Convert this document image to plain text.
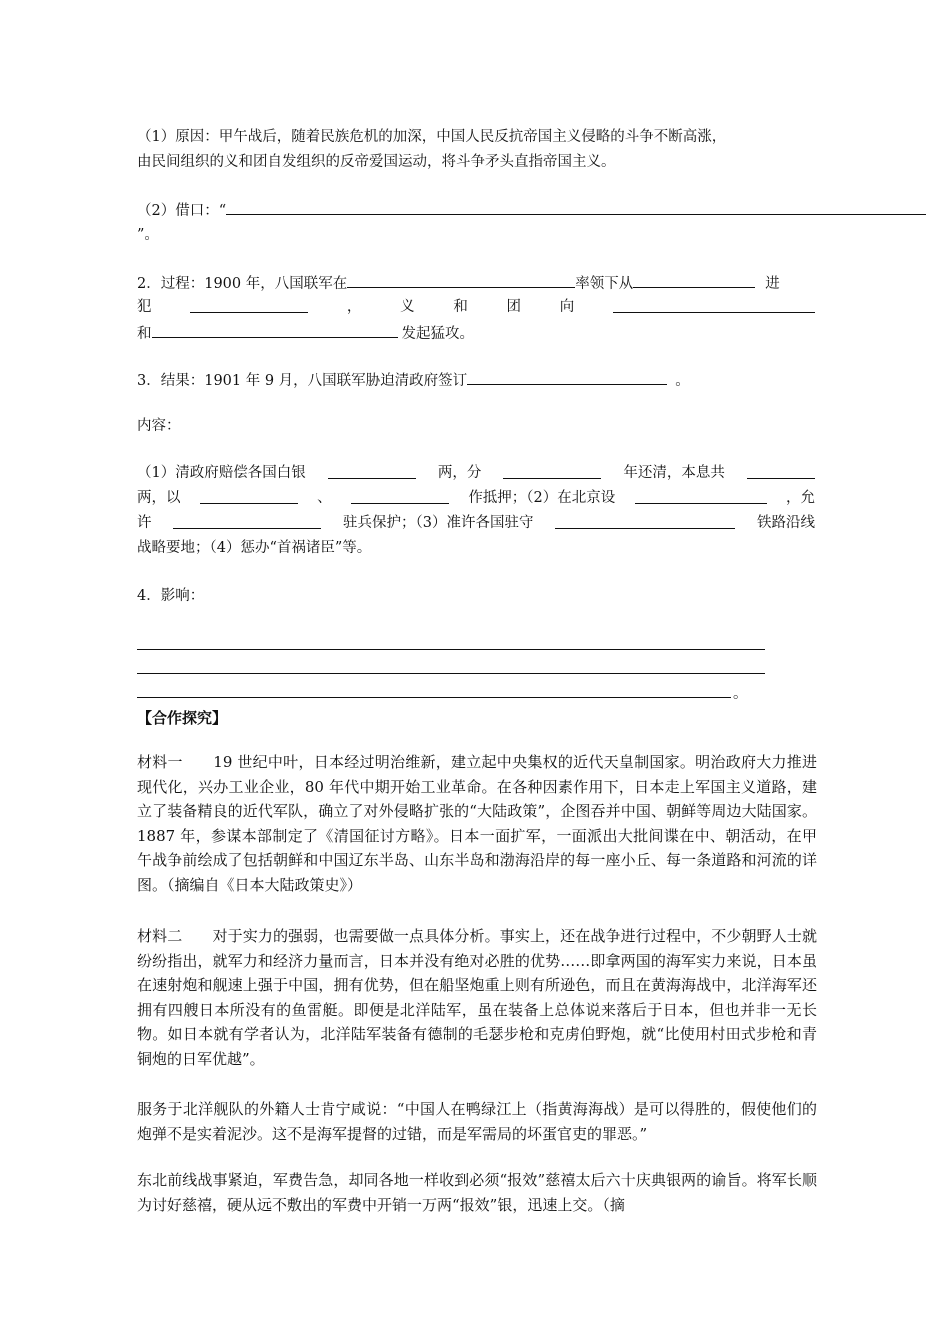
（1）原因：甲午战后，随着民族危机的加深，中国人民反抗帝国主义侵略的斗争不断高涨，
由民间组织的义和团自发组织的反帝爱国运动，将斗争矛头直指帝国主义。
（2）借口：“
”。
2．过程：1900 年，八国联军在	率领下从	进
犯	，	义	和	团	向
和	发起猛攻。
3．结果：1901 年 9 月，八国联军胁迫清政府签订	。
内容：
（1）清政府赔偿各国白银	两，分	年还清，本息共
两，以	、	作抵押；（2）在北京设	，允
许	驻兵保护；（3）准许各国驻守	铁路沿线
战略要地；（4）惩办“首祸诸臣”等。
4．影响：
。
【合作探究】
材料一　　19 世纪中叶，日本经过明治维新，建立起中央集权的近代天皇制国家。明治政府大力推进现代化，兴办工业企业，80 年代中期开始工业革命。在各种因素作用下，日本走上军国主义道路，建立了装备精良的近代军队，确立了对外侵略扩张的“大陆政策”，企图吞并中国、朝鲜等周边大陆国家。1887 年，参谋本部制定了《清国征讨方略》。日本一面扩军，一面派出大批间谍在中、朝活动，在甲午战争前绘成了包括朝鲜和中国辽东半岛、山东半岛和渤海沿岸的每一座小丘、每一条道路和河流的详图。（摘编自《日本大陆政策史》）
材料二　　对于实力的强弱，也需要做一点具体分析。事实上，还在战争进行过程中，不少朝野人士就纷纷指出，就军力和经济力量而言，日本并没有绝对必胜的优势……即拿两国的海军实力来说，日本虽在速射炮和舰速上强于中国，拥有优势，但在船坚炮重上则有所逊色，而且在黄海海战中，北洋海军还拥有四艘日本所没有的鱼雷艇。即便是北洋陆军，虽在装备上总体说来落后于日本，但也并非一无长物。如日本就有学者认为，北洋陆军装备有德制的毛瑟步枪和克虏伯野炮，就“比使用村田式步枪和青铜炮的日军优越”。
服务于北洋舰队的外籍人士肯宁咸说：“中国人在鸭绿江上（指黄海海战）是可以得胜的，假使他们的炮弹不是实着泥沙。这不是海军提督的过错，而是军需局的坏蛋官吏的罪恶。”
东北前线战事紧迫，军费告急，却同各地一样收到必须“报效”慈禧太后六十庆典银两的谕旨。将军长顺为讨好慈禧，硬从远不敷出的军费中开销一万两“报效”银，迅速上交。（摘
